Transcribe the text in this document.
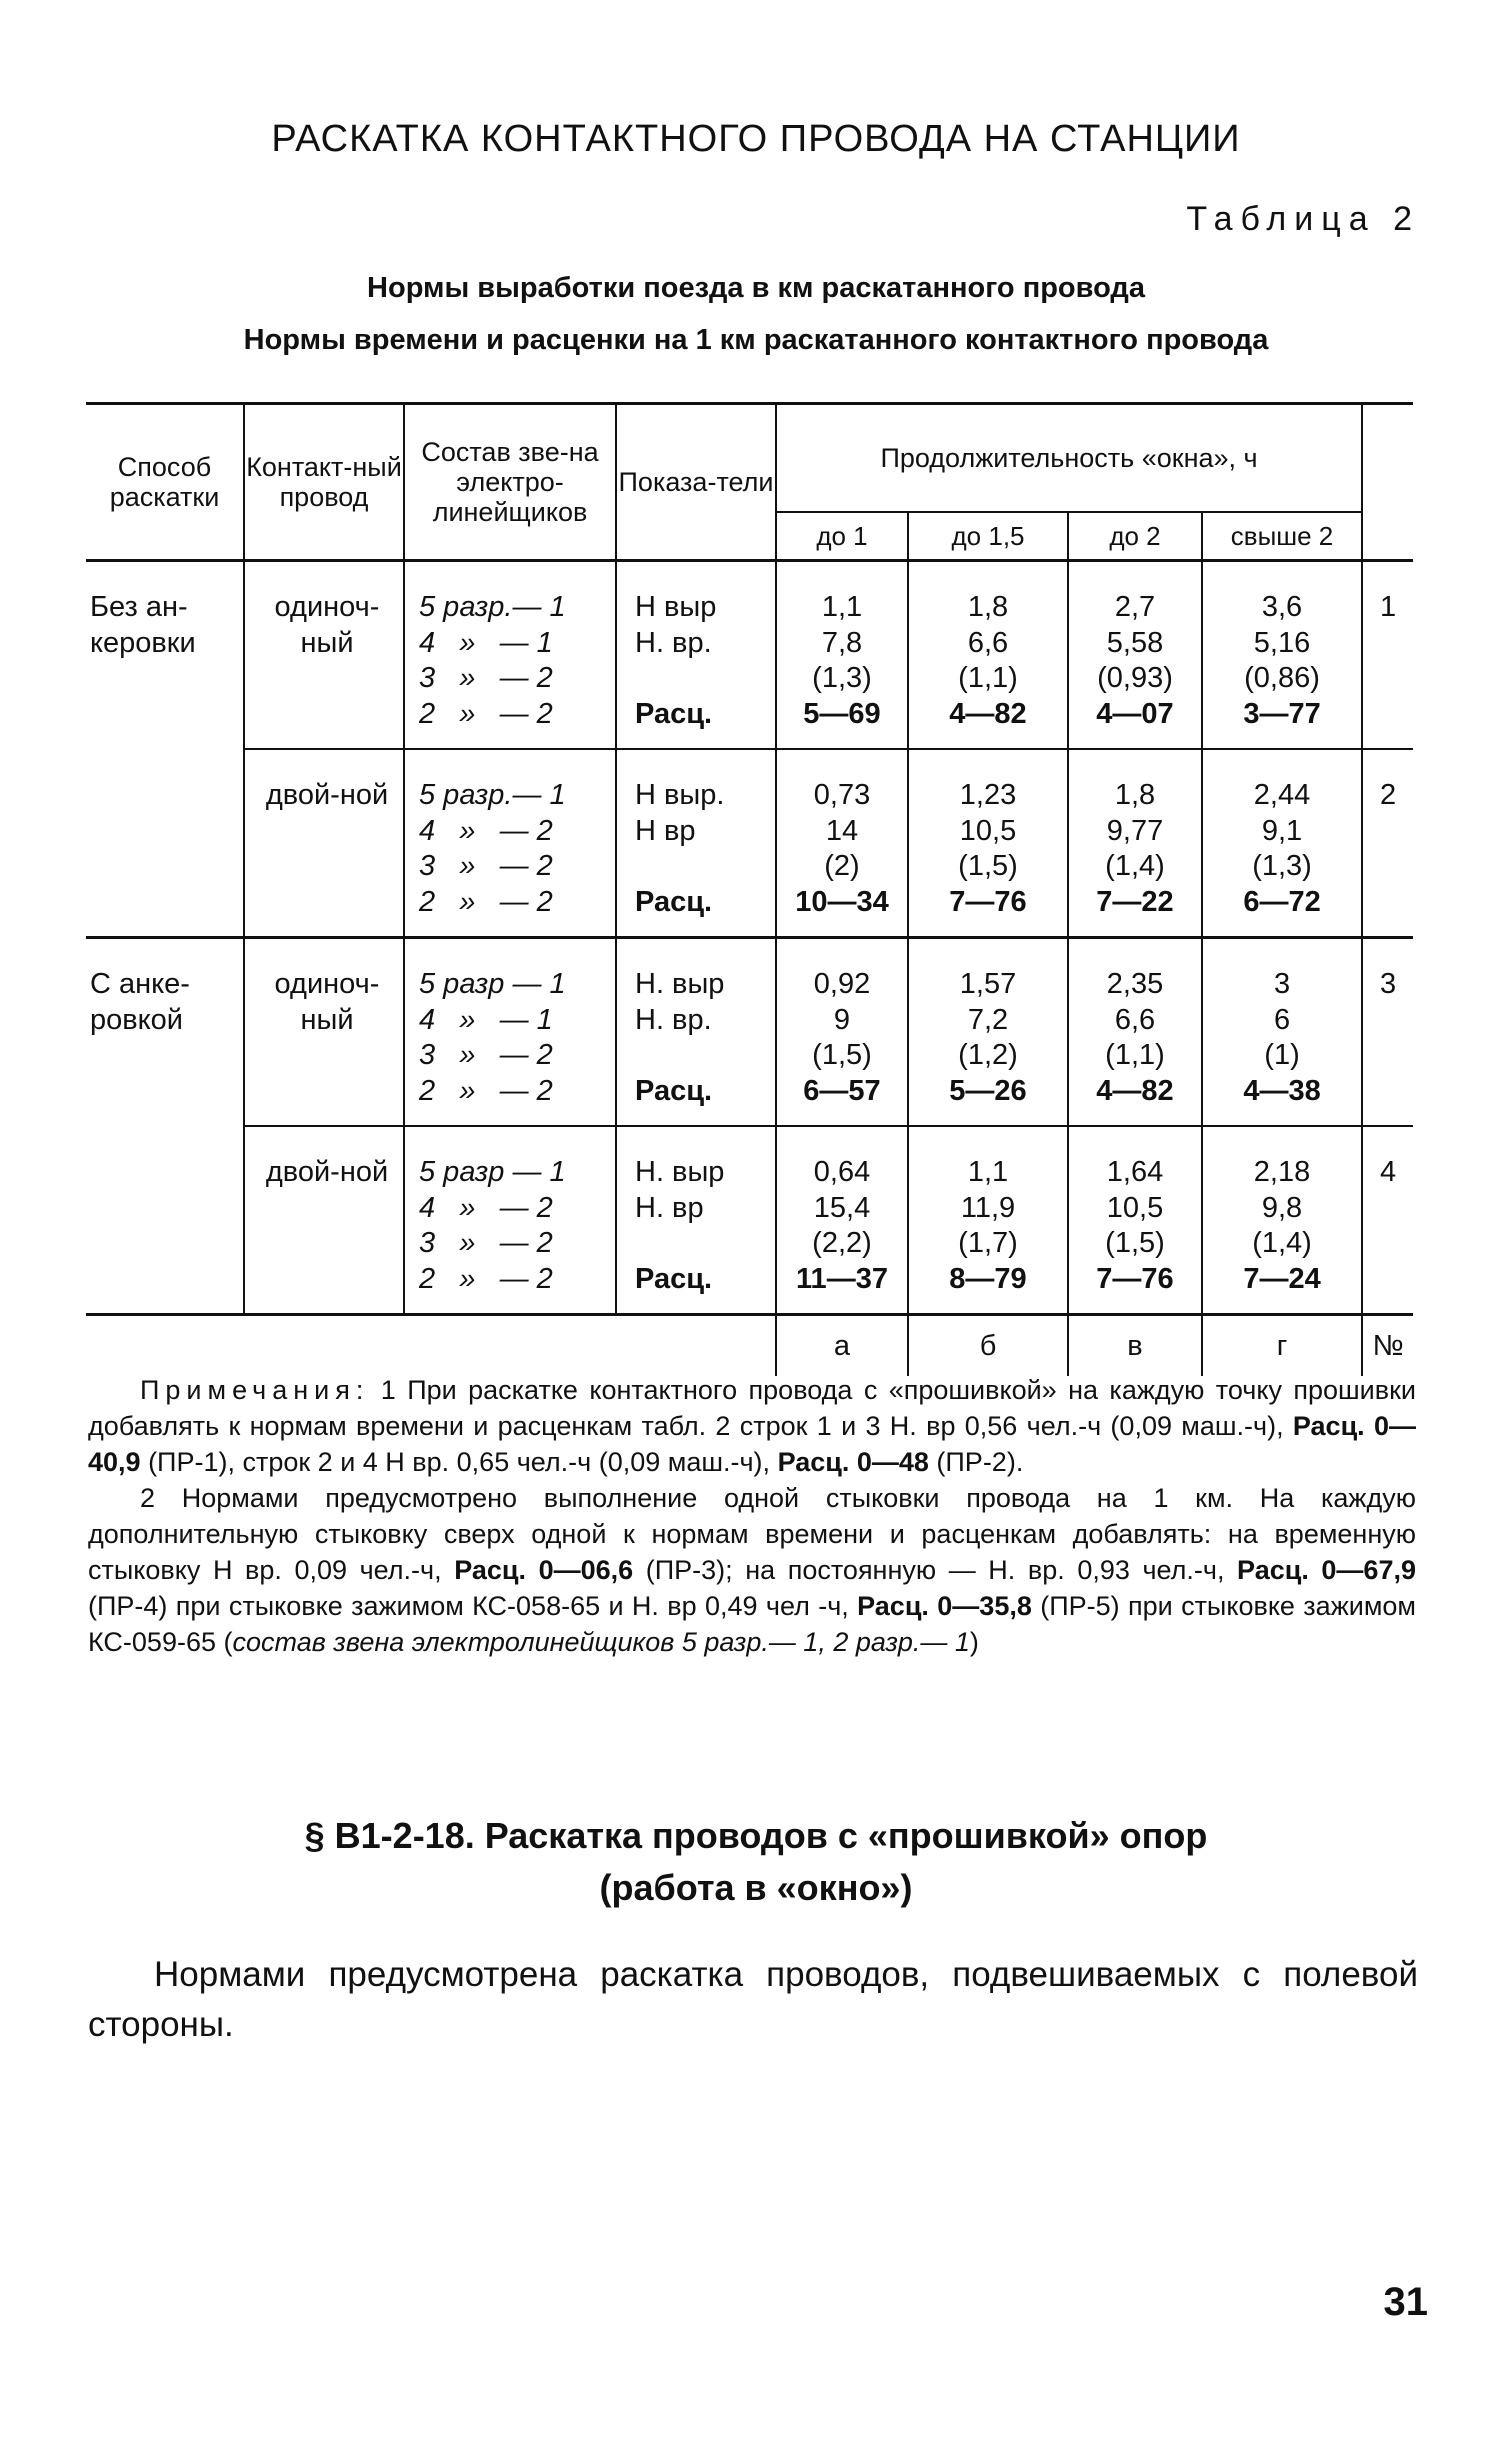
РАСКАТКА КОНТАКТНОГО ПРОВОДА НА СТАНЦИИ
Таблица 2
Нормы выработки поезда в км раскатанного провода
Нормы времени и расценки на 1 км раскатанного контактного провода
Способ раскатки	Контакт-ный провод	Состав зве-на электро-линейщиков	Показа-тели	Продолжительность «окна», ч				
				до 1	до 1,5	до 2	свыше 2	
Без ан-керовки	одиноч-ный	5 разр.— 1
4   »   — 1
3   »   — 2
2   »   — 2	Н выр
Н. вр.

Расц.	1,1
7,8
(1,3)
5—69	1,8
6,6
(1,1)
4—82	2,7
5,58
(0,93)
4—07	3,6
5,16
(0,86)
3—77	1
	двой-ной	5 разр.— 1
4   »   — 2
3   »   — 2
2   »   — 2	Н выр.
Н вр

Расц.	0,73
14
(2)
10—34	1,23
10,5
(1,5)
7—76	1,8
9,77
(1,4)
7—22	2,44
9,1
(1,3)
6—72	2
С анке-ровкой	одиноч-ный	5 разр — 1
4   »   — 1
3   »   — 2
2   »   — 2	Н. выр
Н. вр.

Расц.	0,92
9
(1,5)
6—57	1,57
7,2
(1,2)
5—26	2,35
6,6
(1,1)
4—82	3
6
(1)
4—38	3
	двой-ной	5 разр — 1
4   »   — 2
3   »   — 2
2   »   — 2	Н. выр
Н. вр

Расц.	0,64
15,4
(2,2)
11—37	1,1
11,9
(1,7)
8—79	1,64
10,5
(1,5)
7—76	2,18
9,8
(1,4)
7—24	4
				а	б	в	г	№

Примечания: 1 При раскатке контактного провода с «прошивкой» на каждую точку прошивки добавлять к нормам времени и расценкам табл. 2 строк 1 и 3 Н. вр 0,56 чел.-ч (0,09 маш.-ч), Расц. 0—40,9 (ПР-1), строк 2 и 4 Н вр. 0,65 чел.-ч (0,09 маш.-ч), Расц. 0—48 (ПР-2).

2 Нормами предусмотрено выполнение одной стыковки провода на 1 км. На каждую дополнительную стыковку сверх одной к нормам времени и расценкам добавлять: на временную стыковку Н вр. 0,09 чел.-ч, Расц. 0—06,6 (ПР-3); на постоянную — Н. вр. 0,93 чел.-ч, Расц. 0—67,9 (ПР-4) при стыковке зажимом КС-058-65 и Н. вр 0,49 чел -ч, Расц. 0—35,8 (ПР-5) при стыковке зажимом КС-059-65 (состав звена электролинейщиков 5 разр.— 1, 2 разр.— 1)

§ В1-2-18. Раскатка проводов с «прошивкой» опор
(работа в «окно»)

Нормами предусмотрена раскатка проводов, подвешиваемых с полевой стороны.

31
